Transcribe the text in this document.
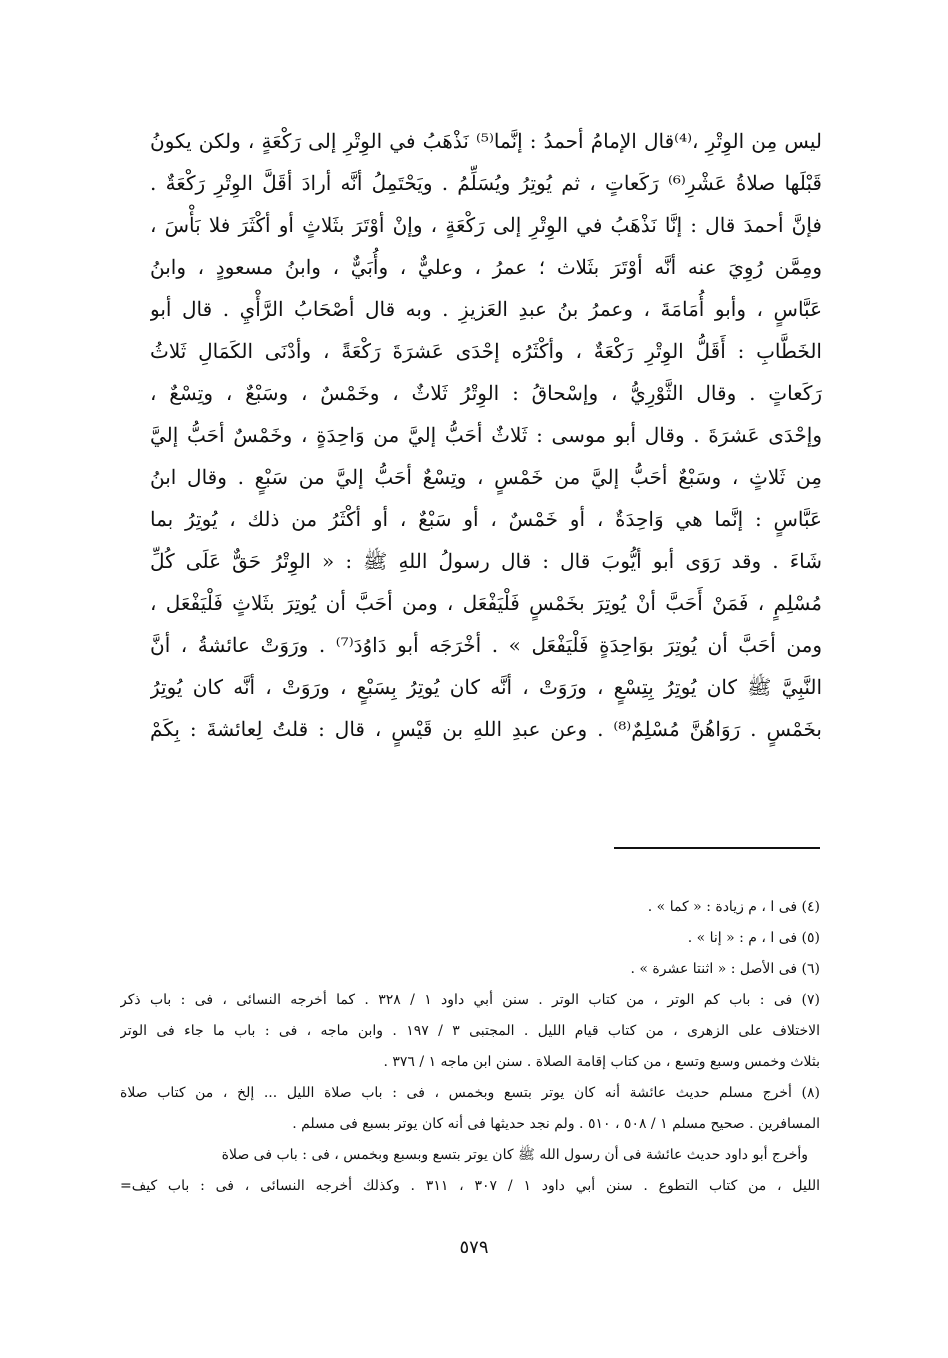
ليس مِن الوِتْرِ ،⁽⁴⁾قال الإمامُ أحمدُ : إنَّما⁽⁵⁾ نَذْهَبُ في الوِتْرِ إلى رَكْعَةٍ ، ولكن يكونُ
قَبْلَها صلاةُ عَشْرِ⁽⁶⁾ رَكَعاتٍ ، ثم يُوتِرُ ويُسَلِّمُ . ويَحْتَمِلُ أنَّه أرادَ أقَلَّ الوِتْرِ رَكْعَةٌ .
فإنَّ أحمدَ قال : إنَّا نَذْهَبُ في الوِتْرِ إلى رَكْعَةٍ ، وإنْ أوْتَرَ بثَلاثٍ أو أكْثَرَ فلا بَأْسَ ،
ومِمَّن رُوِيَ عنه أنَّه أوْتَرَ بثَلاث ؛ عمرُ ، وعليٌّ ، وأُبَيٌّ ، وابنُ مسعودٍ ، وابنُ
عَبَّاسٍ ، وأبو أُمَامَةَ ، وعمرُ بنُ عبدِ العَزيزِ . وبه قال أصْحَابُ الرَّأْيِ . قال أبو
الخَطَّابِ : أَقَلُّ الوِتْرِ رَكْعَةٌ ، وأكْثَرُه إحْدَى عَشرَةَ رَكْعَةً ، وأدْنَى الكَمَالِ ثَلاثُ
رَكَعاتٍ . وقال الثَّوْرِيُّ ، وإسْحاقُ : الوِتْرُ ثَلاثٌ ، وخَمْسٌ ، وسَبْعٌ ، وتِسْعٌ ،
وإحْدَى عَشرَةَ . وقال أبو موسى : ثَلاثٌ أحَبُّ إليَّ من وَاحِدَةٍ ، وخَمْسٌ أحَبُّ إليَّ
مِن ثَلاثٍ ، وسَبْعٌ أحَبُّ إليَّ من خَمْسٍ ، وتِسْعٌ أحَبُّ إليَّ من سَبْعٍ . وقال ابنُ
عَبَّاسٍ : إنَّما هي وَاحِدَةٌ ، أو خَمْسٌ ، أو سَبْعٌ ، أو أكْثَرُ من ذلك ، يُوتِرُ بما
شَاءَ . وقد رَوَى أبو أيُّوبَ قال : قال رسولُ اللهِ ﷺ : « الوِتْرُ حَقٌّ عَلَى كُلِّ
مُسْلِمٍ ، فَمَنْ أَحَبَّ أنْ يُوتِرَ بخَمْسٍ فَلْيَفْعَل ، ومن أحَبَّ أن يُوتِرَ بثَلاثٍ فَلْيَفْعَل ،
ومن أحَبَّ أن يُوتِرَ بوَاحِدَةٍ فَلْيَفْعَل » . أخْرَجَه أبو دَاوُدَ⁽⁷⁾ . ورَوَتْ عائشةُ ، أنَّ
النَّبِيَّ ﷺ كان يُوتِرُ بِتِسْعٍ ، ورَوَتْ ، أنَّه كان يُوتِرُ بِسَبْعٍ ، ورَوَتْ ، أنَّه كان يُوتِرُ
بخَمْسٍ . رَوَاهُنَّ مُسْلِمٌ⁽⁸⁾ . وعن عبدِ اللهِ بن قَيْسٍ ، قال : قلتُ لِعائشةَ : بِكَمْ
(٤) فى ا ، م زيادة : « كما » .
(٥) فى ا ، م : « إنا » .
(٦) فى الأصل : « اثنتا عشرة » .
(٧) فى : باب كم الوتر ، من كتاب الوتر . سنن أبي داود ١ / ٣٢٨ . كما أخرجه النسائى ، فى : باب ذكر
الاختلاف على الزهرى ، من كتاب قيام الليل . المجتبى ٣ / ١٩٧ . وابن ماجه ، فى : باب ما جاء فى الوتر
بثلاث وخمس وسبع وتسع ، من كتاب إقامة الصلاة . سنن ابن ماجه ١ / ٣٧٦ .
(٨) أخرج مسلم حديث عائشة أنه كان يوتر بتسع وبخمس ، فى : باب صلاة الليل ... إلخ ، من كتاب صلاة
المسافرين . صحيح مسلم ١ / ٥٠٨ ، ٥١٠ . ولم نجد حديثها فى أنه كان يوتر بسبع فى مسلم .
وأخرج أبو داود حديث عائشة فى أن رسول الله ﷺ كان يوتر بتسع وبسبع وبخمس ، فى : باب فى صلاة
الليل ، من كتاب التطوع . سنن أبي داود ١ / ٣٠٧ ، ٣١١ . وكذلك أخرجه النسائى ، فى : باب كيف=
٥٧٩
